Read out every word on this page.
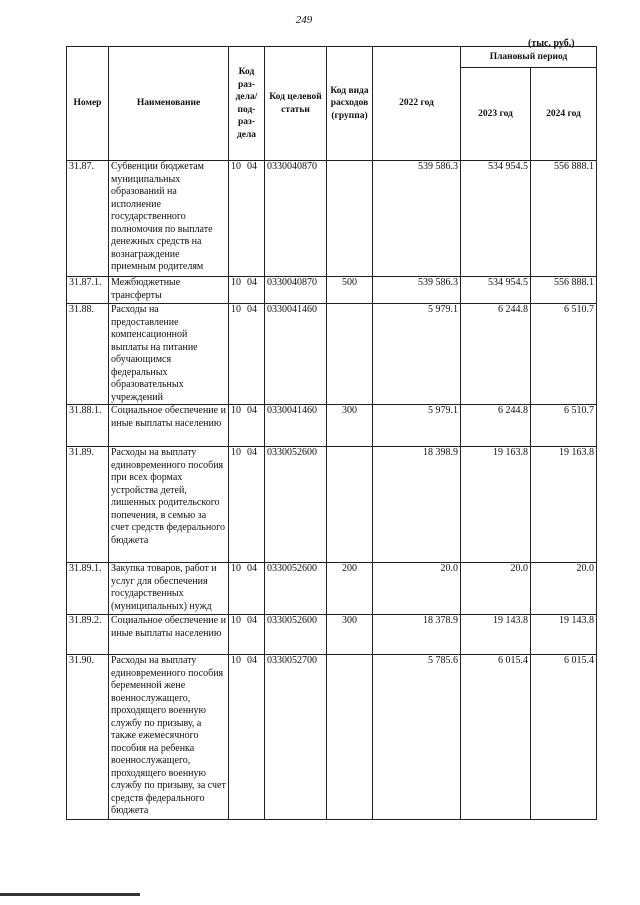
249
(тыс. руб.)
Номер	Наименование	Код раз-дела/ под-раз-дела	Код целевой статьи	Код вида расходов (группа)	2022 год	Плановый период	
						2023 год	2024 год
31.87.	Субвенции бюджетам муниципальных образований на исполнение государственного полномочия по выплате денежных средств на вознаграждение приемным родителям	10 04	0330040870		539 586.3	534 954.5	556 888.1
31.87.1.	Межбюджетные трансферты	10 04	0330040870	500	539 586.3	534 954.5	556 888.1
31.88.	Расходы на предоставление компенсационной выплаты на питание обучающимся федеральных образовательных учреждений	10 04	0330041460		5 979.1	6 244.8	6 510.7
31.88.1.	Социальное обеспечение и иные выплаты населению	10 04	0330041460	300	5 979.1	6 244.8	6 510.7
31.89.	Расходы на выплату единовременного пособия при всех формах устройства детей, лишенных родительского попечения, в семью за счет средств федерального бюджета	10 04	0330052600		18 398.9	19 163.8	19 163.8
31.89.1.	Закупка товаров, работ и услуг для обеспечения государственных (муниципальных) нужд	10 04	0330052600	200	20.0	20.0	20.0
31.89.2.	Социальное обеспечение и иные выплаты населению	10 04	0330052600	300	18 378.9	19 143.8	19 143.8
31.90.	Расходы на выплату единовременного пособия беременной жене военнослужащего, проходящего военную службу по призыву, а также ежемесячного пособия на ребенка военнослужащего, проходящего военную службу по призыву, за счет средств федерального бюджета	10 04	0330052700		5 785.6	6 015.4	6 015.4
